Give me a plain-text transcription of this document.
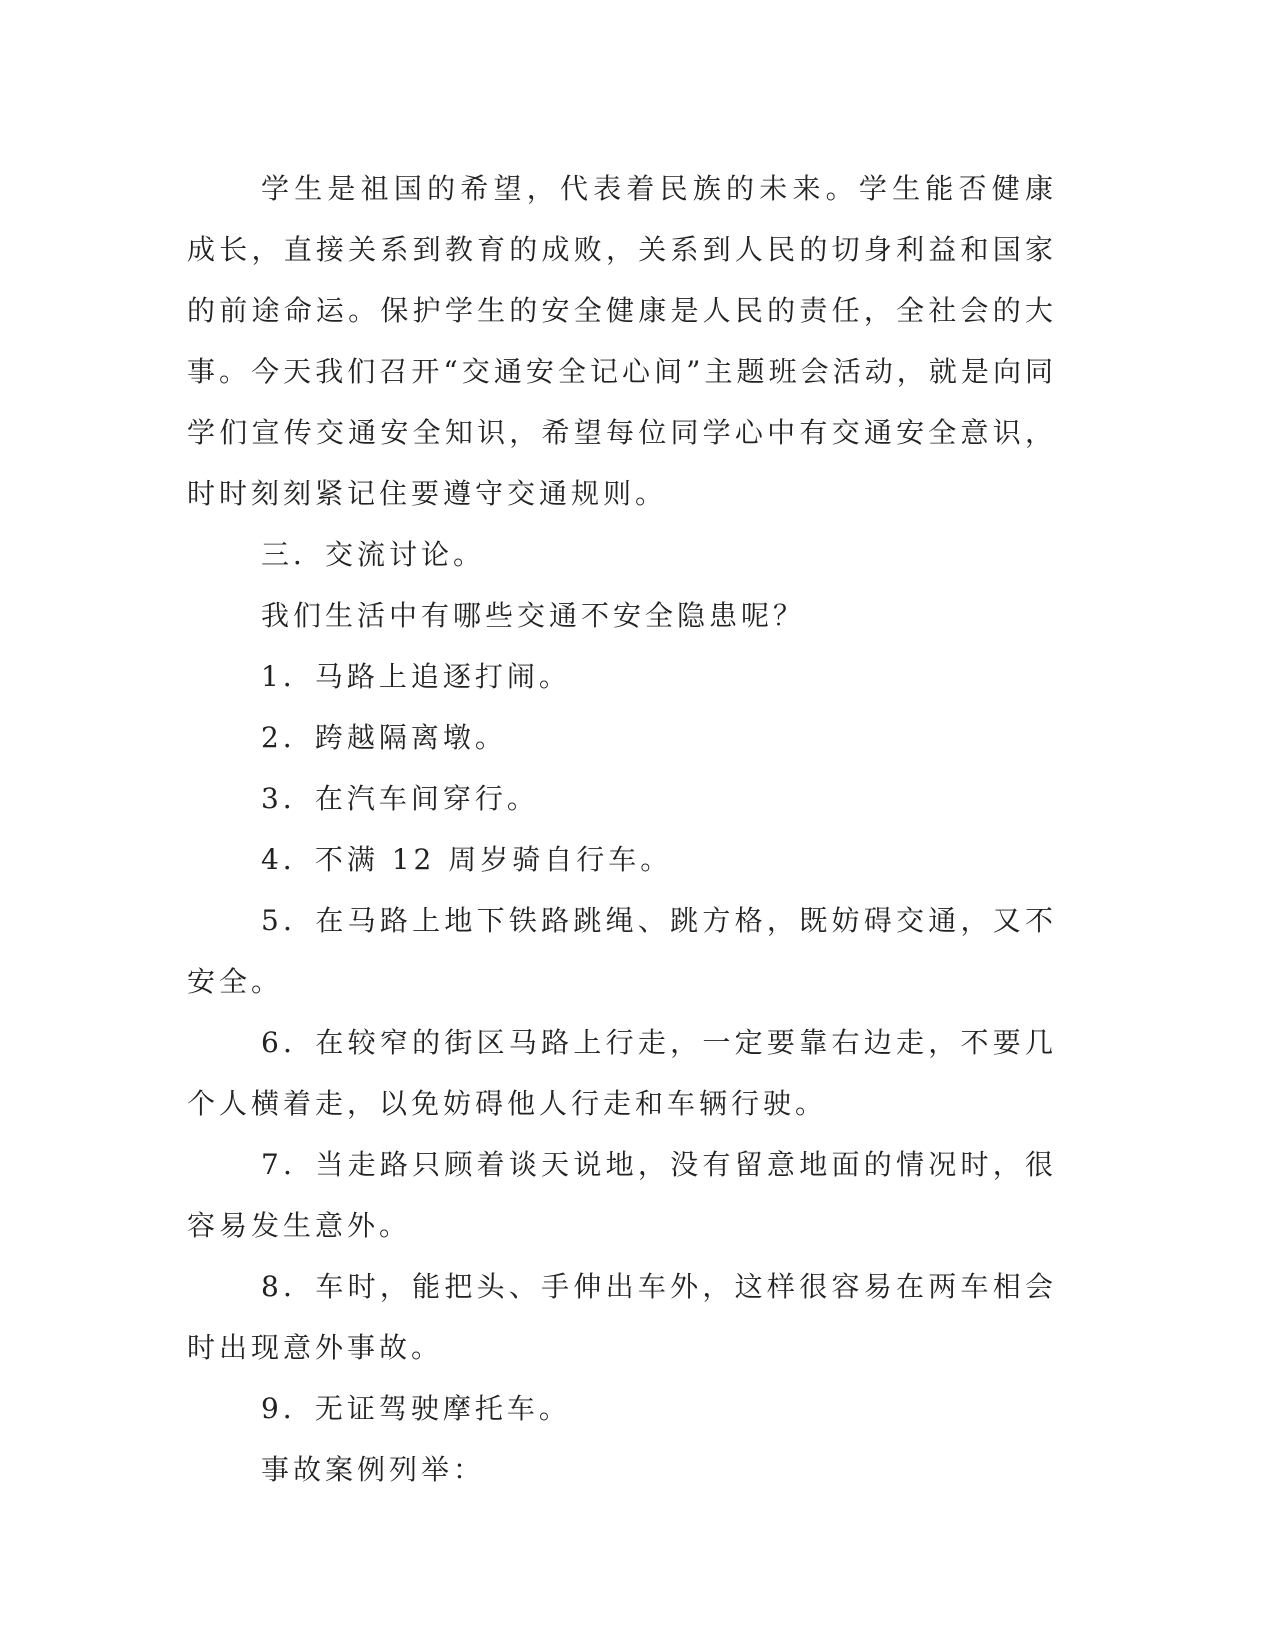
学生是祖国的希望，代表着民族的未来。学生能否健康成长，直接关系到教育的成败，关系到人民的切身利益和国家的前途命运。保护学生的安全健康是人民的责任，全社会的大事。今天我们召开“交通安全记心间”主题班会活动，就是向同学们宣传交通安全知识，希望每位同学心中有交通安全意识，时时刻刻紧记住要遵守交通规则。

三．交流讨论。

我们生活中有哪些交通不安全隐患呢？

1．马路上追逐打闹。

2．跨越隔离墩。

3．在汽车间穿行。

4．不满 12 周岁骑自行车。

5．在马路上地下铁路跳绳、跳方格，既妨碍交通，又不安全。

6．在较窄的街区马路上行走，一定要靠右边走，不要几个人横着走，以免妨碍他人行走和车辆行驶。

7．当走路只顾着谈天说地，没有留意地面的情况时，很容易发生意外。

8．车时，能把头、手伸出车外，这样很容易在两车相会时出现意外事故。

9．无证驾驶摩托车。

事故案例列举：
